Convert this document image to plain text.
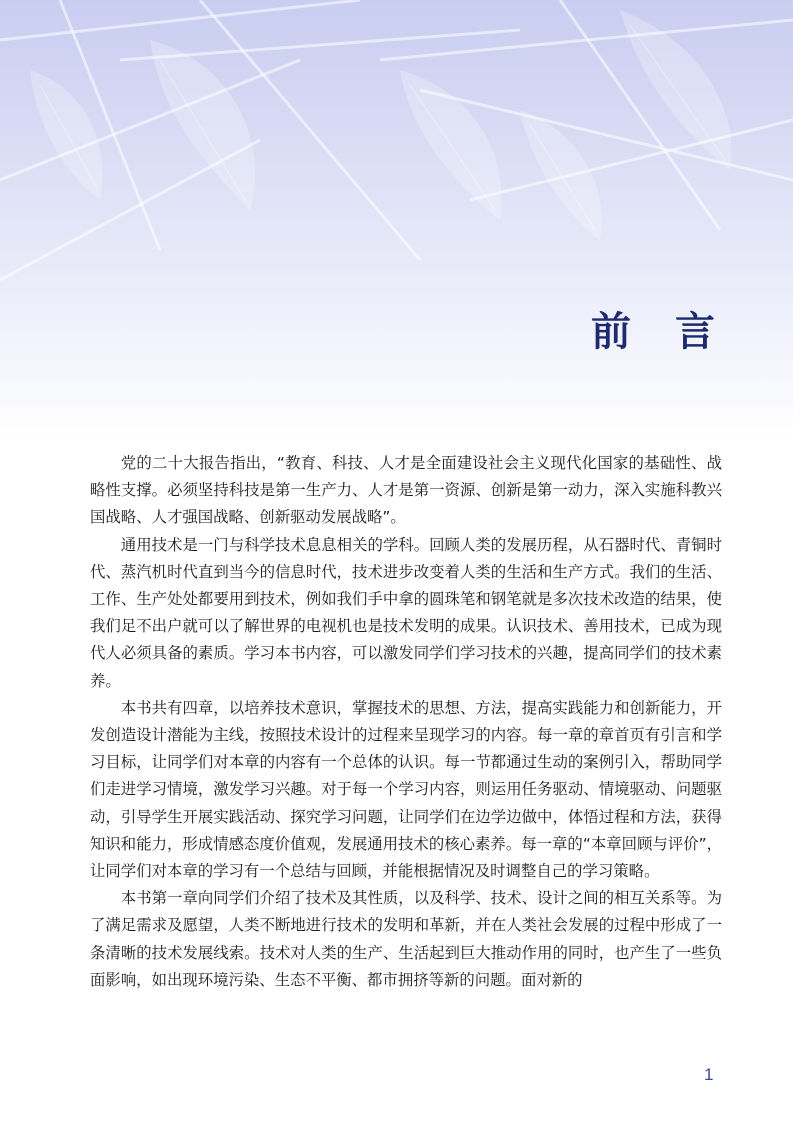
前　言

党的二十大报告指出，“教育、科技、人才是全面建设社会主义现代化国家的基础性、战略性支撑。必须坚持科技是第一生产力、人才是第一资源、创新是第一动力，深入实施科教兴国战略、人才强国战略、创新驱动发展战略”。

通用技术是一门与科学技术息息相关的学科。回顾人类的发展历程，从石器时代、青铜时代、蒸汽机时代直到当今的信息时代，技术进步改变着人类的生活和生产方式。我们的生活、工作、生产处处都要用到技术，例如我们手中拿的圆珠笔和钢笔就是多次技术改造的结果，使我们足不出户就可以了解世界的电视机也是技术发明的成果。认识技术、善用技术，已成为现代人必须具备的素质。学习本书内容，可以激发同学们学习技术的兴趣，提高同学们的技术素养。

本书共有四章，以培养技术意识，掌握技术的思想、方法，提高实践能力和创新能力，开发创造设计潜能为主线，按照技术设计的过程来呈现学习的内容。每一章的章首页有引言和学习目标，让同学们对本章的内容有一个总体的认识。每一节都通过生动的案例引入，帮助同学们走进学习情境，激发学习兴趣。对于每一个学习内容，则运用任务驱动、情境驱动、问题驱动，引导学生开展实践活动、探究学习问题，让同学们在边学边做中，体悟过程和方法，获得知识和能力，形成情感态度价值观，发展通用技术的核心素养。每一章的“本章回顾与评价”，让同学们对本章的学习有一个总结与回顾，并能根据情况及时调整自己的学习策略。

本书第一章向同学们介绍了技术及其性质，以及科学、技术、设计之间的相互关系等。为了满足需求及愿望，人类不断地进行技术的发明和革新，并在人类社会发展的过程中形成了一条清晰的技术发展线索。技术对人类的生产、生活起到巨大推动作用的同时，也产生了一些负面影响，如出现环境污染、生态不平衡、都市拥挤等新的问题。面对新的

1
